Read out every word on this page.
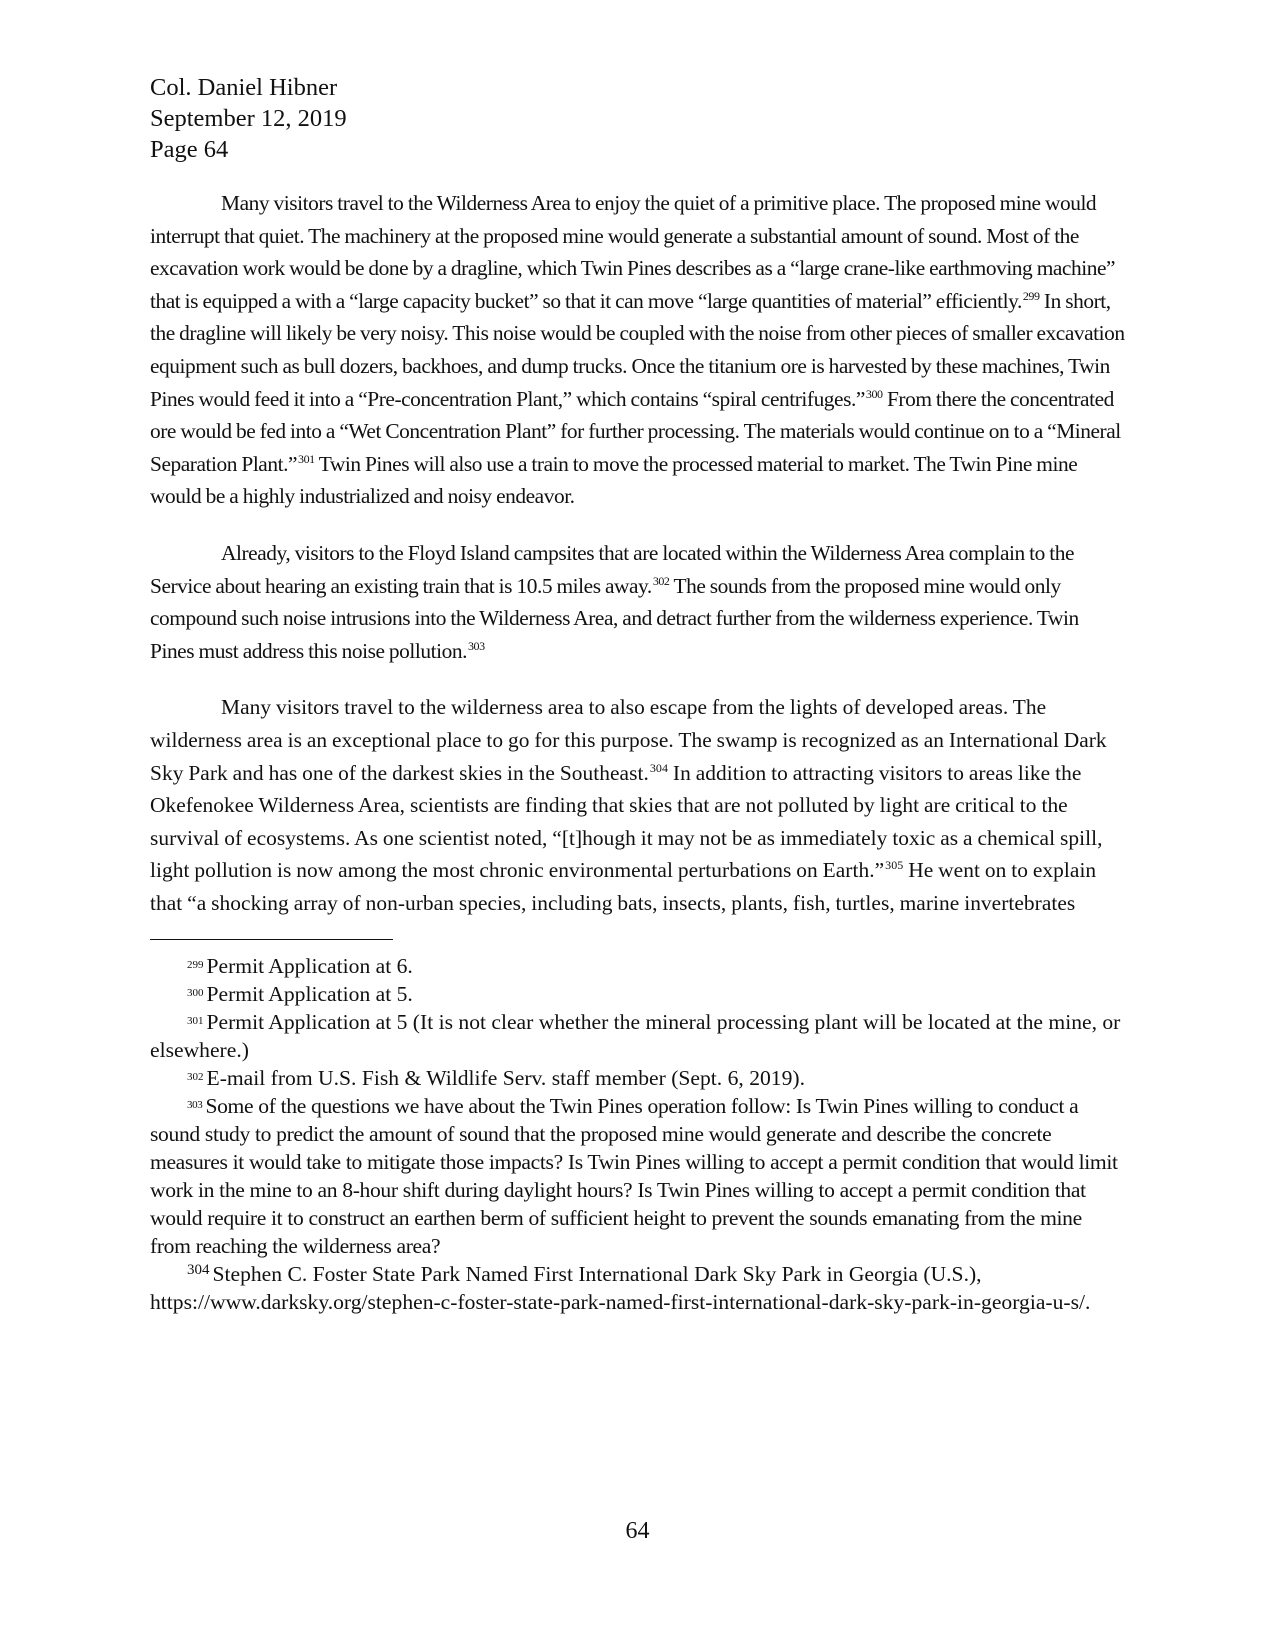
Col. Daniel Hibner
September 12, 2019
Page 64

Many visitors travel to the Wilderness Area to enjoy the quiet of a primitive place. The proposed mine would interrupt that quiet. The machinery at the proposed mine would generate a substantial amount of sound. Most of the excavation work would be done by a dragline, which Twin Pines describes as a “large crane-like earthmoving machine” that is equipped a with a “large capacity bucket” so that it can move “large quantities of material” efficiently.$^{299}$ In short, the dragline will likely be very noisy. This noise would be coupled with the noise from other pieces of smaller excavation equipment such as bull dozers, backhoes, and dump trucks. Once the titanium ore is harvested by these machines, Twin Pines would feed it into a “Pre-concentration Plant,” which contains “spiral centrifuges.”$^{300}$ From there the concentrated ore would be fed into a “Wet Concentration Plant” for further processing. The materials would continue on to a “Mineral Separation Plant.”$^{301}$ Twin Pines will also use a train to move the processed material to market. The Twin Pine mine would be a highly industrialized and noisy endeavor.

Already, visitors to the Floyd Island campsites that are located within the Wilderness Area complain to the Service about hearing an existing train that is 10.5 miles away.$^{302}$ The sounds from the proposed mine would only compound such noise intrusions into the Wilderness Area, and detract further from the wilderness experience. Twin Pines must address this noise pollution.$^{303}$

Many visitors travel to the wilderness area to also escape from the lights of developed areas. The wilderness area is an exceptional place to go for this purpose. The swamp is recognized as an International Dark Sky Park and has one of the darkest skies in the Southeast.$^{304}$ In addition to attracting visitors to areas like the Okefenokee Wilderness Area, scientists are finding that skies that are not polluted by light are critical to the survival of ecosystems. As one scientist noted, “[t]hough it may not be as immediately toxic as a chemical spill, light pollution is now among the most chronic environmental perturbations on Earth.”$^{305}$ He went on to explain that “a shocking array of non-urban species, including bats, insects, plants, fish, turtles, marine invertebrates

$^{299}$ Permit Application at 6.

$^{300}$ Permit Application at 5.

$^{301}$ Permit Application at 5 (It is not clear whether the mineral processing plant will be located at the mine, or elsewhere.)

$^{302}$ E-mail from U.S. Fish & Wildlife Serv. staff member (Sept. 6, 2019).

$^{303}$ Some of the questions we have about the Twin Pines operation follow: Is Twin Pines willing to conduct a sound study to predict the amount of sound that the proposed mine would generate and describe the concrete measures it would take to mitigate those impacts? Is Twin Pines willing to accept a permit condition that would limit work in the mine to an 8-hour shift during daylight hours? Is Twin Pines willing to accept a permit condition that would require it to construct an earthen berm of sufficient height to prevent the sounds emanating from the mine from reaching the wilderness area?

$^{304}$ Stephen C. Foster State Park Named First International Dark Sky Park in Georgia (U.S.), https://www.darksky.org/stephen-c-foster-state-park-named-first-international-dark-sky-park-in-georgia-u-s/.

64
